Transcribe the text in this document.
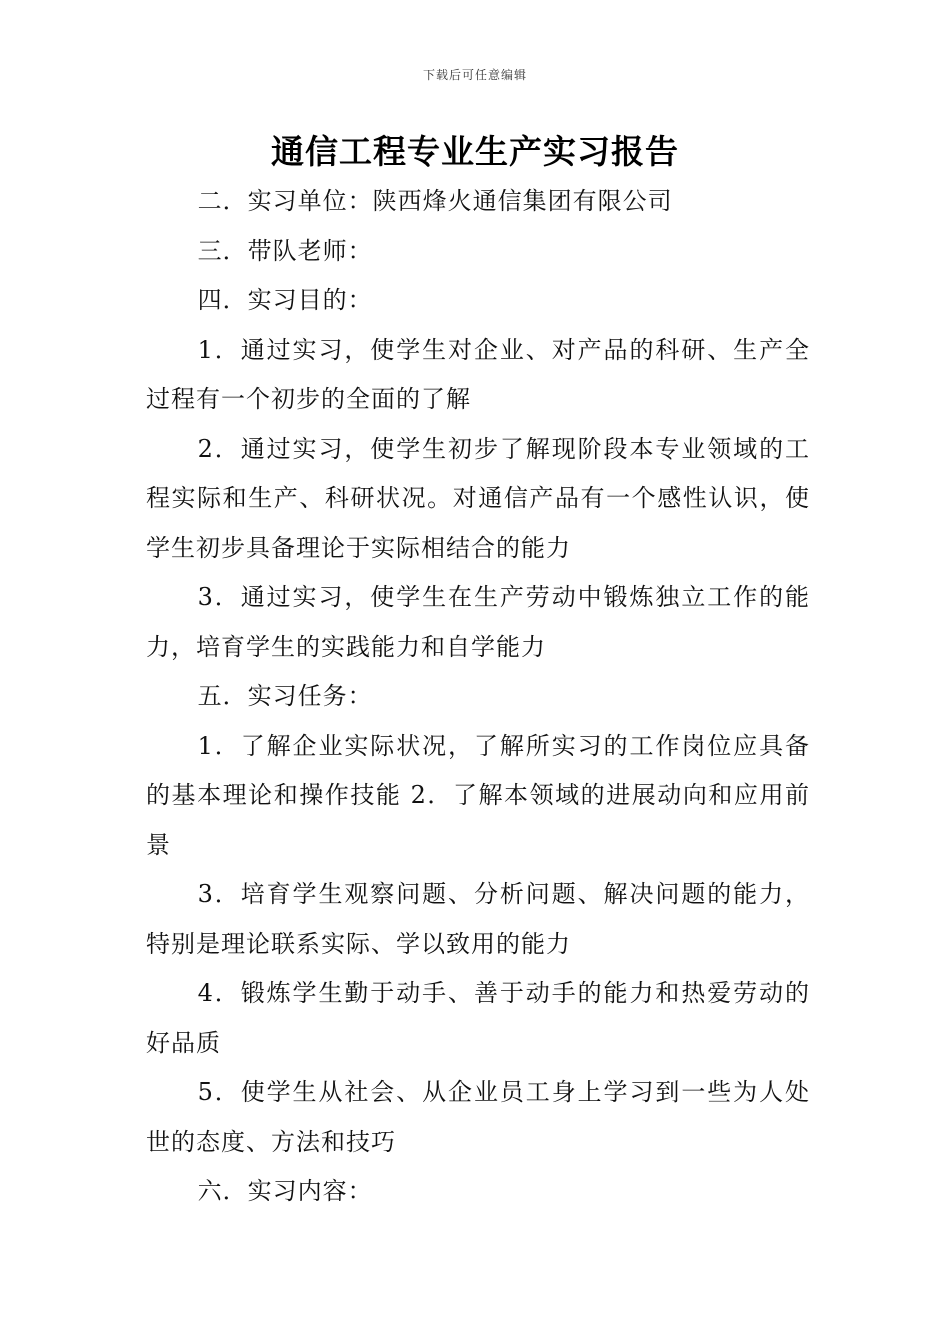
下载后可任意编辑
通信工程专业生产实习报告

二．实习单位：陕西烽火通信集团有限公司

三．带队老师：

四．实习目的：

1．通过实习，使学生对企业、对产品的科研、生产全过程有一个初步的全面的了解

2．通过实习，使学生初步了解现阶段本专业领域的工程实际和生产、科研状况。对通信产品有一个感性认识，使学生初步具备理论于实际相结合的能力

3．通过实习，使学生在生产劳动中锻炼独立工作的能力，培育学生的实践能力和自学能力

五．实习任务：

1．了解企业实际状况，了解所实习的工作岗位应具备的基本理论和操作技能 2．了解本领域的进展动向和应用前景

3．培育学生观察问题、分析问题、解决问题的能力，特别是理论联系实际、学以致用的能力

4．锻炼学生勤于动手、善于动手的能力和热爱劳动的好品质

5．使学生从社会、从企业员工身上学习到一些为人处世的态度、方法和技巧

六．实习内容：
